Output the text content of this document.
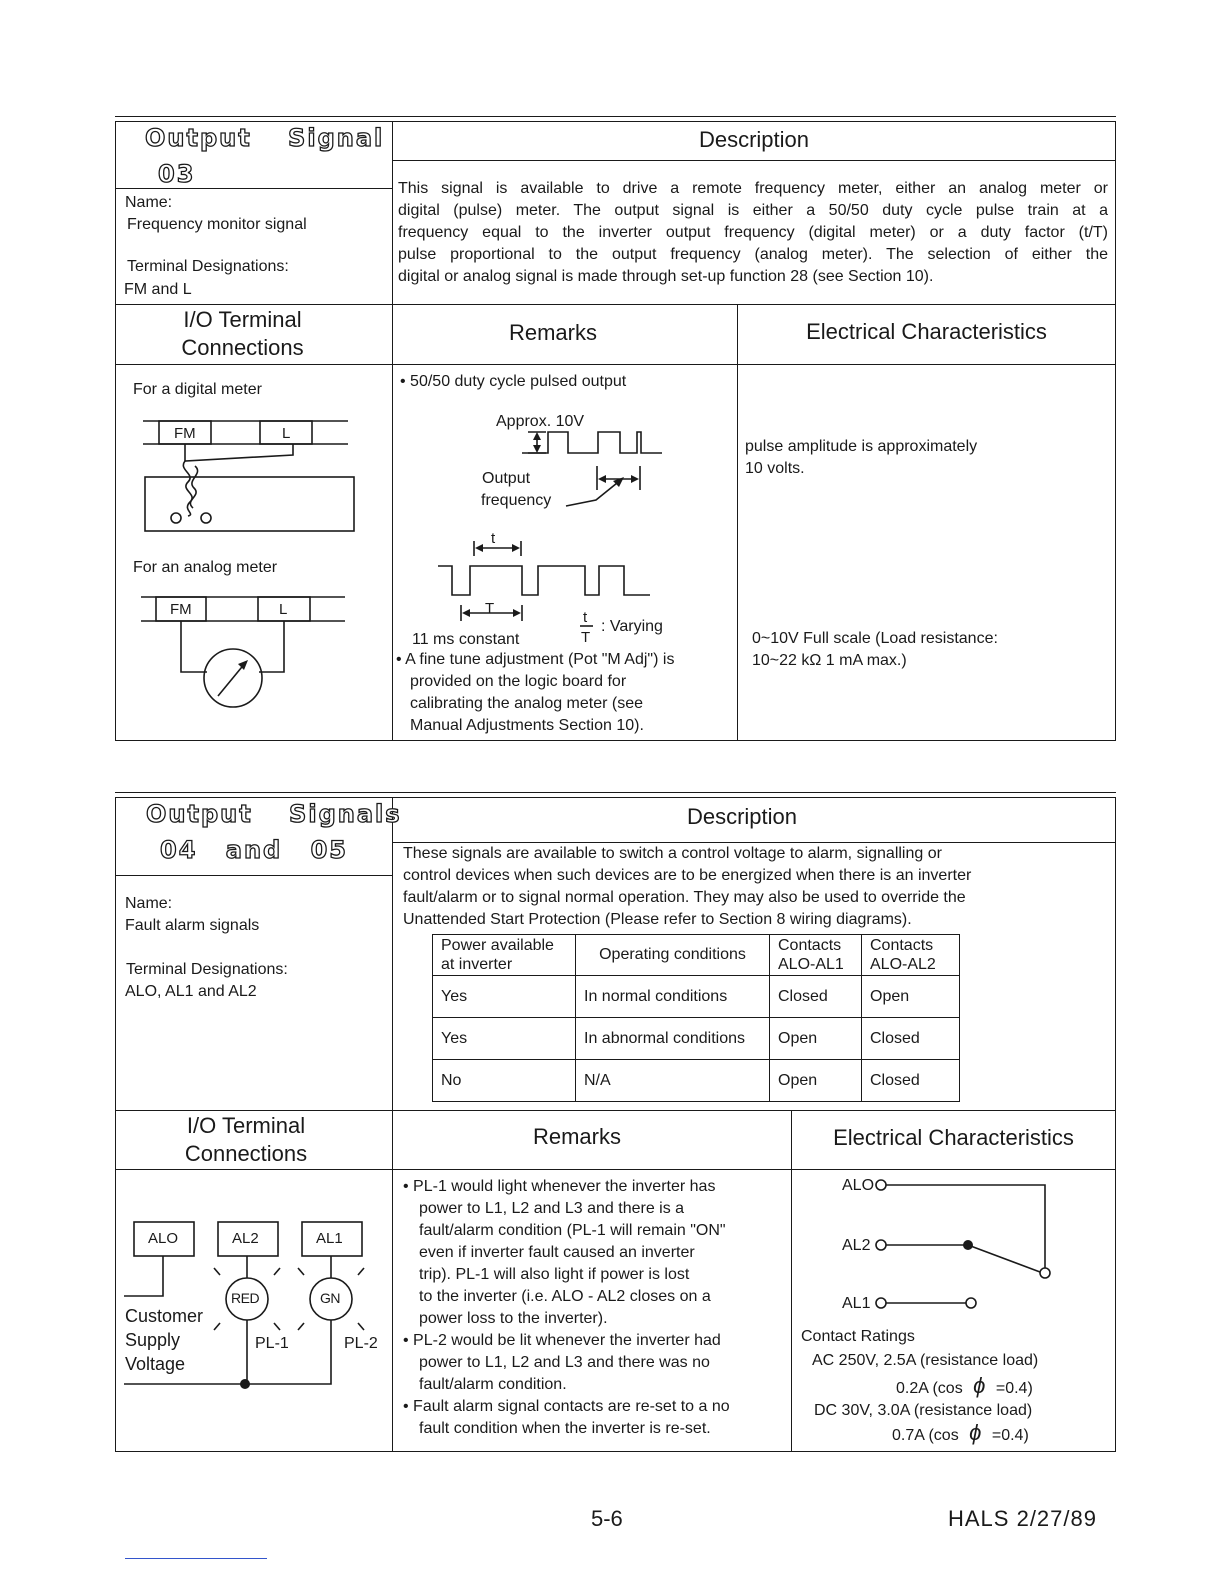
Output Signal
03
Name:
Frequency monitor signal
Terminal Designations:
FM and L
Description
This signal is available to drive a remote frequency meter, either an analog meter or
digital (pulse) meter. The output signal is either a 50/50 duty cycle pulse train at a
frequency equal to the inverter output frequency (digital meter) or a duty factor (t/T)
pulse proportional to the output frequency (analog meter). The selection of either the
digital or analog signal is made through set-up function 28 (see Section 10).
I/O Terminal
Connections
Remarks	Electrical Characteristics
For a digital meter
For an analog meter
FM	L
FM	L
• 50/50 duty cycle pulsed output
Approx. 10V
Output
frequency
t
T
t
T
: Varying
11 ms constant
• A fine tune adjustment (Pot "M Adj") is
provided on the logic board for
calibrating the analog meter (see
Manual Adjustments Section 10).
pulse amplitude is approximately
10 volts.
0~10V Full scale (Load resistance:
10~22 kΩ 1 mA max.)
Output Signals
04 and 05
Name:
Fault alarm signals
Terminal Designations:
ALO, AL1 and AL2
Description
These signals are available to switch a control voltage to alarm, signalling or
control devices when such devices are to be energized when there is an inverter
fault/alarm or to signal normal operation. They may also be used to override the
Unattended Start Protection (Please refer to Section 8 wiring diagrams).
Power available at inverter	Operating conditions	Contacts ALO-AL1	Contacts ALO-AL2
Yes	In normal conditions	Closed	Open
Yes	In abnormal conditions	Open	Closed
No	N/A	Open	Closed
I/O Terminal
Connections
Remarks	Electrical Characteristics
ALO	AL2	AL1
RED	GN
PL-1	PL-2
Customer
Supply
Voltage
• PL-1 would light whenever the inverter has
power to L1, L2 and L3 and there is a
fault/alarm condition (PL-1 will remain "ON"
even if inverter fault caused an inverter
trip). PL-1 will also light if power is lost
to the inverter (i.e. ALO - AL2 closes on a
power loss to the inverter).
• PL-2 would be lit whenever the inverter had
power to L1, L2 and L3 and there was no
fault/alarm condition.
• Fault alarm signal contacts are re-set to a no
fault condition when the inverter is re-set.
ALO
AL2
AL1
Contact Ratings
AC 250V, 2.5A (resistance load)
0.2A (cos ϕ =0.4)
DC 30V, 3.0A (resistance load)
0.7A (cos ϕ =0.4)
5-6	HALS 2/27/89
